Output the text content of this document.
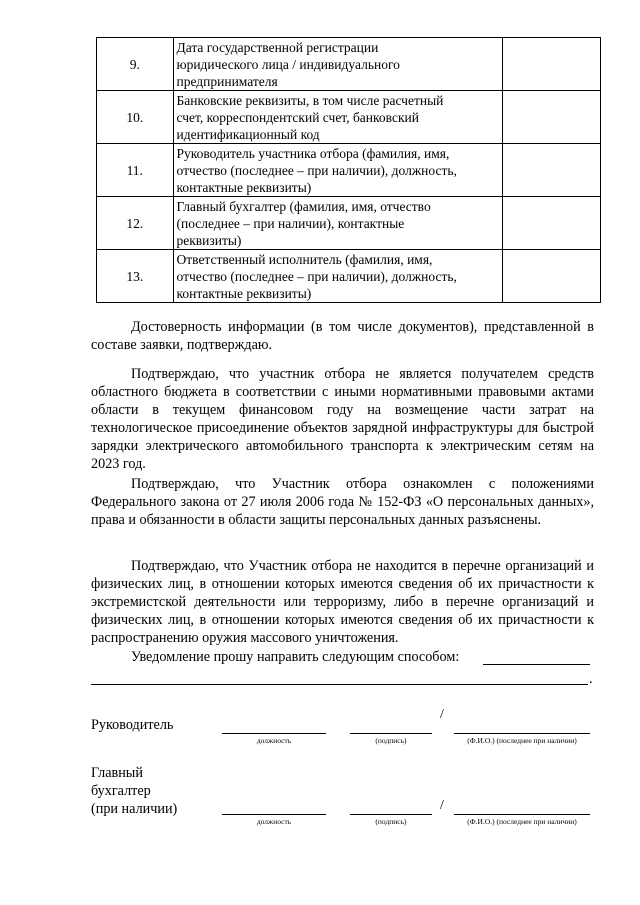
9.	Дата государственной регистрации
юридического лица / индивидуального
предпринимателя	
10.	Банковские реквизиты, в том числе расчетный
счет, корреспондентский счет, банковский
идентификационный код	
11.	Руководитель участника отбора (фамилия, имя,
отчество (последнее – при наличии), должность,
контактные реквизиты)	
12.	Главный бухгалтер (фамилия, имя, отчество
(последнее – при наличии), контактные
реквизиты)	
13.	Ответственный исполнитель (фамилия, имя,
отчество (последнее – при наличии), должность,
контактные реквизиты)	
Достоверность информации (в том числе документов), представленной в составе заявки, подтверждаю.
Подтверждаю, что участник отбора не является получателем средств областного бюджета в соответствии с иными нормативными правовыми актами области в текущем финансовом году на возмещение части затрат на технологическое присоединение объектов зарядной инфраструктуры для быстрой зарядки электрического автомобильного транспорта к электрическим сетям на 2023 год.
Подтверждаю, что Участник отбора ознакомлен с положениями Федерального закона от 27 июля 2006 года № 152-ФЗ «О персональных данных», права и обязанности в области защиты персональных данных разъяснены.
Подтверждаю, что Участник отбора не находится в перечне организаций и физических лиц, в отношении которых имеются сведения об их причастности к экстремистской деятельности или терроризму, либо в перечне организаций и физических лиц, в отношении которых имеются сведения об их причастности к распространению оружия массового уничтожения.
Уведомление прошу направить следующим способом:
.
Руководитель
должность	(подпись)
/
(Ф.И.О.) (последнее при наличии)
Главный
бухгалтер
(при наличии)
должность	(подпись)
/
(Ф.И.О.) (последнее при наличии)
